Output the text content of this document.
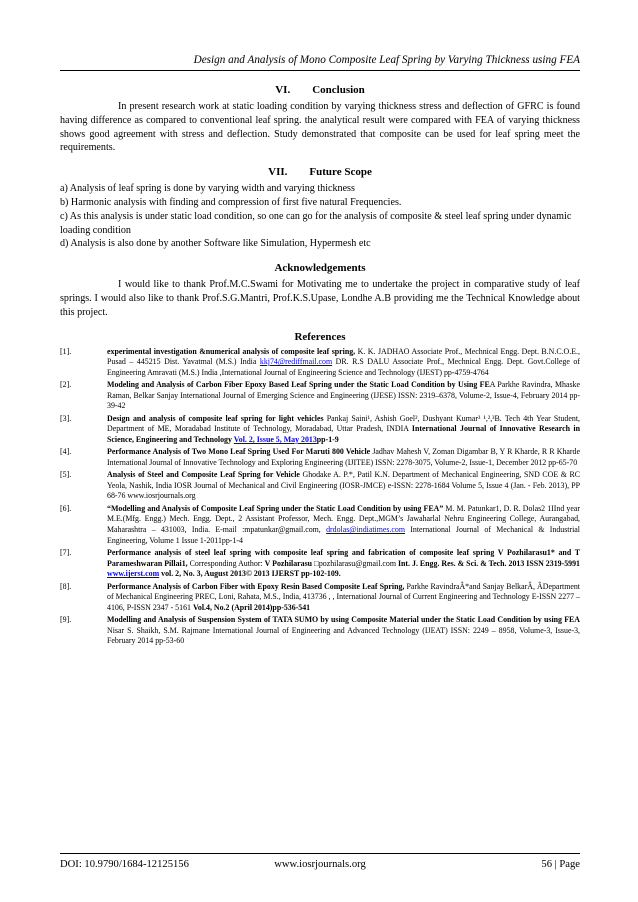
Design and Analysis of Mono Composite Leaf Spring by Varying Thickness using FEA
VI. Conclusion

In present research work at static loading condition by varying thickness stress and deflection of GFRC is found having difference as compared to conventional leaf spring. the analytical result were compared with FEA of varying thickness shows good agreement with stress and deflection. Study demonstrated that composite can be used for leaf spring meet the requirements.

VII. Future Scope

a) Analysis of leaf spring is done by varying width and varying thickness

b) Harmonic analysis with finding and compression of first five natural Frequencies.

c) As this analysis is under static load condition, so one can go for the analysis of composite & steel leaf spring under dynamic loading condition

d) Analysis is also done by another Software like Simulation, Hypermesh etc

Acknowledgements

I would like to thank Prof.M.C.Swami for Motivating me to undertake the project in comparative study of leaf springs. I would also like to thank Prof.S.G.Mantri, Prof.K.S.Upase, Londhe A.B providing me the Technical Knowledge about this project.

References
[1].	experimental investigation &numerical analysis of composite leaf spring, K. K. JADHAO Associate Prof., Mechnical Engg. Dept. B.N.C.O.E., Pusad – 445215 Dist. Yavatmal (M.S.) India kkj74@rediffmail.com DR. R.S DALU Associate Prof., Mechnical Engg. Dept. Govt.College of Engineering Amravati (M.S.) India ,International Journal of Engineering Science and Technology (IJEST) pp-4759-4764
[2].	Modeling and Analysis of Carbon Fiber Epoxy Based Leaf Spring under the Static Load Condition by Using FEA Parkhe Ravindra, Mhaske Raman, Belkar Sanjay International Journal of Emerging Science and Engineering (IJESE) ISSN: 2319–6378, Volume-2, Issue-4, February 2014 pp-39-42
[3].	Design and analysis of composite leaf spring for light vehicles Pankaj Saini¹, Ashish Goel², Dushyant Kumar³ ¹,²,³B. Tech 4th Year Student, Department of ME, Moradabad Institute of Technology, Moradabad, Uttar Pradesh, INDIA International Journal of Innovative Research in Science, Engineering and Technology Vol. 2, Issue 5, May 2013pp-1-9
[4].	Performance Analysis of Two Mono Leaf Spring Used For Maruti 800 Vehicle Jadhav Mahesh V, Zoman Digambar B, Y R Kharde, R R Kharde International Journal of Innovative Technology and Exploring Engineering (IJITEE) ISSN: 2278-3075, Volume-2, Issue-1, December 2012 pp-65-70
[5].	Analysis of Steel and Composite Leaf Spring for Vehicle Ghodake A. P.*, Patil K.N. Department of Mechanical Engineering, SND COE & RC Yeola, Nashik, India IOSR Journal of Mechanical and Civil Engineering (IOSR-JMCE) e-ISSN: 2278-1684 Volume 5, Issue 4 (Jan. - Feb. 2013), PP 68-76 www.iosrjournals.org
[6].	“Modelling and Analysis of Composite Leaf Spring under the Static Load Condition by using FEA” M. M. Patunkar1, D. R. Dolas2 1IInd year M.E.(Mfg. Engg.) Mech. Engg. Dept., 2 Assistant Professor, Mech. Engg. Dept.,MGM’s Jawaharlal Nehru Engineering College, Aurangabad, Maharashtra – 431003, India. E-mail :mpatunkar@gmail.com, drdolas@indiatimes.com International Journal of Mechanical & Industrial Engineering, Volume 1 Issue 1-2011pp-1-4
[7].	Performance analysis of steel leaf spring with composite leaf spring and fabrication of composite leaf spring V Pozhilarasu1* and T Parameshwaran Pillai1, Corresponding Author: V Pozhilarasu □pozhilarasu@gmail.com Int. J. Engg. Res. & Sci. & Tech. 2013 ISSN 2319-5991 www.ijerst.com vol. 2, No. 3, August 2013© 2013 IJERST pp-102-109.
[8].	Performance Analysis of Carbon Fiber with Epoxy Resin Based Composite Leaf Spring, Parkhe RavindraÂ*and Sanjay BelkarÂ, ÂDepartment of Mechanical Engineering PREC, Loni, Rahata, M.S., India, 413736 , , International Journal of Current Engineering and Technology E-ISSN 2277 – 4106, P-ISSN 2347 - 5161 Vol.4, No.2 (April 2014)pp-536-541
[9].	Modelling and Analysis of Suspension System of TATA SUMO by using Composite Material under the Static Load Condition by using FEA Nisar S. Shaikh, S.M. Rajmane International Journal of Engineering and Advanced Technology (IJEAT) ISSN: 2249 – 8958, Volume-3, Issue-3, February 2014 pp-53-60
DOI: 10.9790/1684-12125156	www.iosrjournals.org	56 | Page
